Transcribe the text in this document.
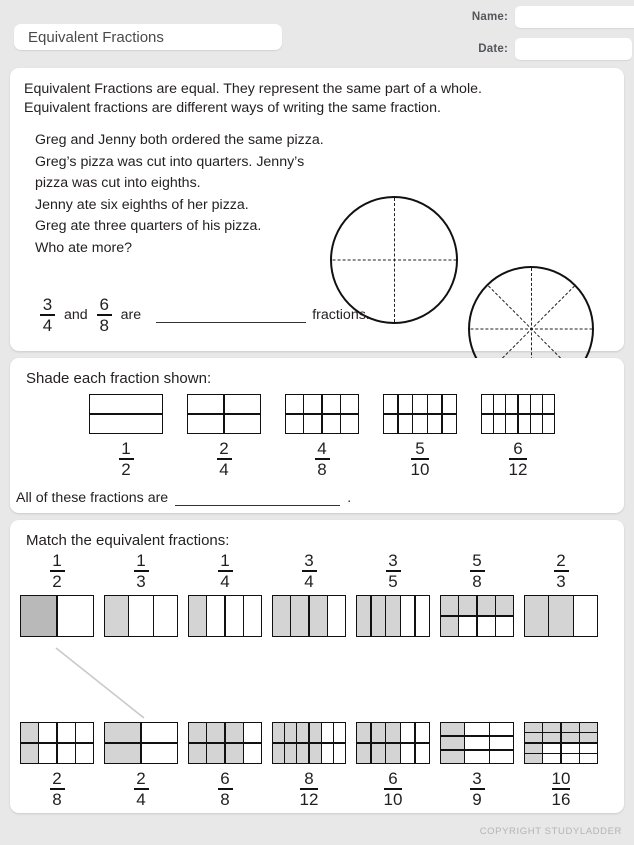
Equivalent Fractions
Name:
Date:
Equivalent Fractions are equal. They represent the same part of a whole.
Equivalent fractions are different ways of writing the same fraction.
Greg and Jenny both ordered the same pizza. Greg’s pizza was cut into quarters. Jenny’s pizza was cut into eighths.
Jenny ate six eighths of her pizza.
Greg ate three quarters of his pizza.
Who ate more?
$\frac{3}{4}$ and $\frac{6}{8}$ are	fractions.
Shade each fraction shown:
$\frac{1}{2}$	$\frac{2}{4}$	$\frac{4}{8}$	$\frac{5}{10}$	$\frac{6}{12}$
All of these fractions are	.
Match the equivalent fractions:
$\frac{1}{2}$	$\frac{1}{3}$	$\frac{1}{4}$	$\frac{3}{4}$	$\frac{3}{5}$	$\frac{5}{8}$	$\frac{2}{3}$
$\frac{2}{8}$	$\frac{2}{4}$	$\frac{6}{8}$	$\frac{8}{12}$	$\frac{6}{10}$	$\frac{3}{9}$	$\frac{10}{16}$
COPYRIGHT STUDYLADDER
